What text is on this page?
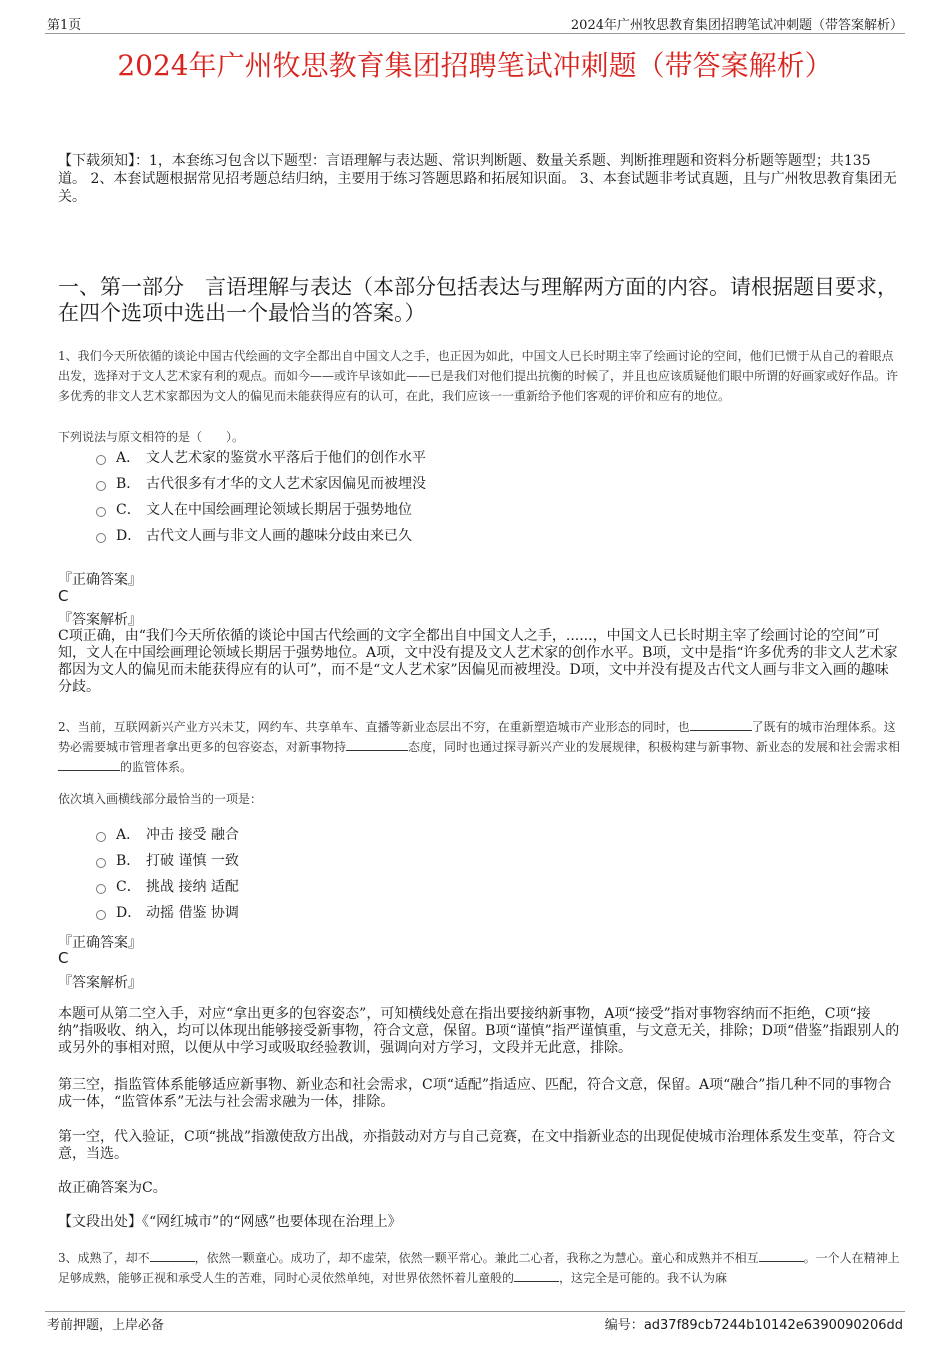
第1页	2024年广州牧思教育集团招聘笔试冲刺题（带答案解析）
2024年广州牧思教育集团招聘笔试冲刺题（带答案解析）
【下载须知】：1，本套练习包含以下题型：言语理解与表达题、常识判断题、数量关系题、判断推理题和资料分析题等题型；共135道。 2、本套试题根据常见招考题总结归纳，主要用于练习答题思路和拓展知识面。 3、本套试题非考试真题，且与广州牧思教育集团无关。
一、第一部分　言语理解与表达（本部分包括表达与理解两方面的内容。请根据题目要求，在四个选项中选出一个最恰当的答案。）
1、我们今天所依循的谈论中国古代绘画的文字全都出自中国文人之手，也正因为如此，中国文人已长时期主宰了绘画讨论的空间，他们已惯于从自己的着眼点出发，选择对于文人艺术家有利的观点。而如今——或许早该如此——已是我们对他们提出抗衡的时候了，并且也应该质疑他们眼中所谓的好画家或好作品。许多优秀的非文人艺术家都因为文人的偏见而未能获得应有的认可，在此，我们应该一一重新给予他们客观的评价和应有的地位。
下列说法与原文相符的是（　　）。
A． 文人艺术家的鉴赏水平落后于他们的创作水平
B． 古代很多有才华的文人艺术家因偏见而被埋没
C． 文人在中国绘画理论领域长期居于强势地位
D． 古代文人画与非文人画的趣味分歧由来已久
『正确答案』
C
『答案解析』
C项正确，由“我们今天所依循的谈论中国古代绘画的文字全都出自中国文人之手，......，中国文人已长时期主宰了绘画讨论的空间”可知，文人在中国绘画理论领域长期居于强势地位。A项，文中没有提及文人艺术家的创作水平。B项，文中是指“许多优秀的非文人艺术家都因为文人的偏见而未能获得应有的认可”，而不是“文人艺术家”因偏见而被埋没。D项，文中并没有提及古代文人画与非文入画的趣味分歧。
2、当前，互联网新兴产业方兴未艾，网约车、共享单车、直播等新业态层出不穷，在重新塑造城市产业形态的同时，也	了既有的城市治理体系。这势必需要城市管理者拿出更多的包容姿态，对新事物持	态度，同时也通过探寻新兴产业的发展规律，积极构建与新事物、新业态的发展和社会需求相的监管体系。
依次填入画横线部分最恰当的一项是：
A． 冲击 接受 融合
B． 打破 谨慎 一致
C． 挑战 接纳 适配
D． 动摇 借鉴 协调
『正确答案』
C
『答案解析』
本题可从第二空入手，对应“拿出更多的包容姿态”，可知横线处意在指出要接纳新事物，A项“接受”指对事物容纳而不拒绝，C项“接纳”指吸收、纳入，均可以体现出能够接受新事物，符合文意，保留。B项“谨慎”指严谨慎重，与文意无关，排除；D项“借鉴”指跟别人的或另外的事相对照，以便从中学习或吸取经验教训，强调向对方学习，文段并无此意，排除。
第三空，指监管体系能够适应新事物、新业态和社会需求，C项“适配”指适应、匹配，符合文意，保留。A项“融合”指几种不同的事物合成一体，“监管体系”无法与社会需求融为一体，排除。
第一空，代入验证，C项“挑战”指激使敌方出战，亦指鼓动对方与自己竞赛，在文中指新业态的出现促使城市治理体系发生变革，符合文意，当选。
故正确答案为C。
【文段出处】《“网红城市”的“网感”也要体现在治理上》
3、成熟了，却不	，依然一颗童心。成功了，却不虚荣，依然一颗平常心。兼此二心者，我称之为慧心。童心和成熟并不相互	。一个人在精神上足够成熟，能够正视和承受人生的苦难，同时心灵依然单纯，对世界依然怀着儿童般的	，这完全是可能的。我不认为麻
考前押题，上岸必备	编号：ad37f89cb7244b10142e6390090206dd
